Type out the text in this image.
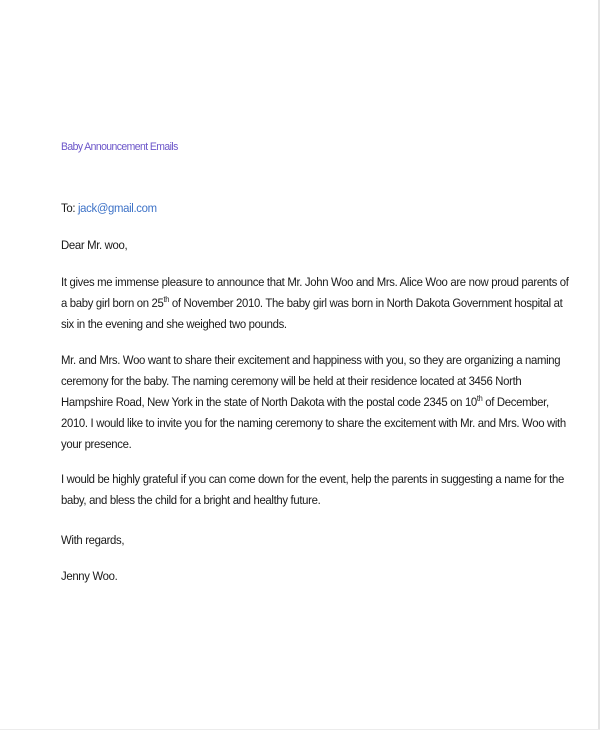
Baby Announcement Emails
To: jack@gmail.com
Dear Mr. woo,

It gives me immense pleasure to announce that Mr. John Woo and Mrs. Alice Woo are now proud parents of
a baby girl born on 25th of November 2010. The baby girl was born in North Dakota Government hospital at
six in the evening and she weighed two pounds.

Mr. and Mrs. Woo want to share their excitement and happiness with you, so they are organizing a naming
ceremony for the baby. The naming ceremony will be held at their residence located at 3456 North
Hampshire Road, New York in the state of North Dakota with the postal code 2345 on 10th of December,
2010. I would like to invite you for the naming ceremony to share the excitement with Mr. and Mrs. Woo with
your presence.

I would be highly grateful if you can come down for the event, help the parents in suggesting a name for the
baby, and bless the child for a bright and healthy future.

With regards,
Jenny Woo.
